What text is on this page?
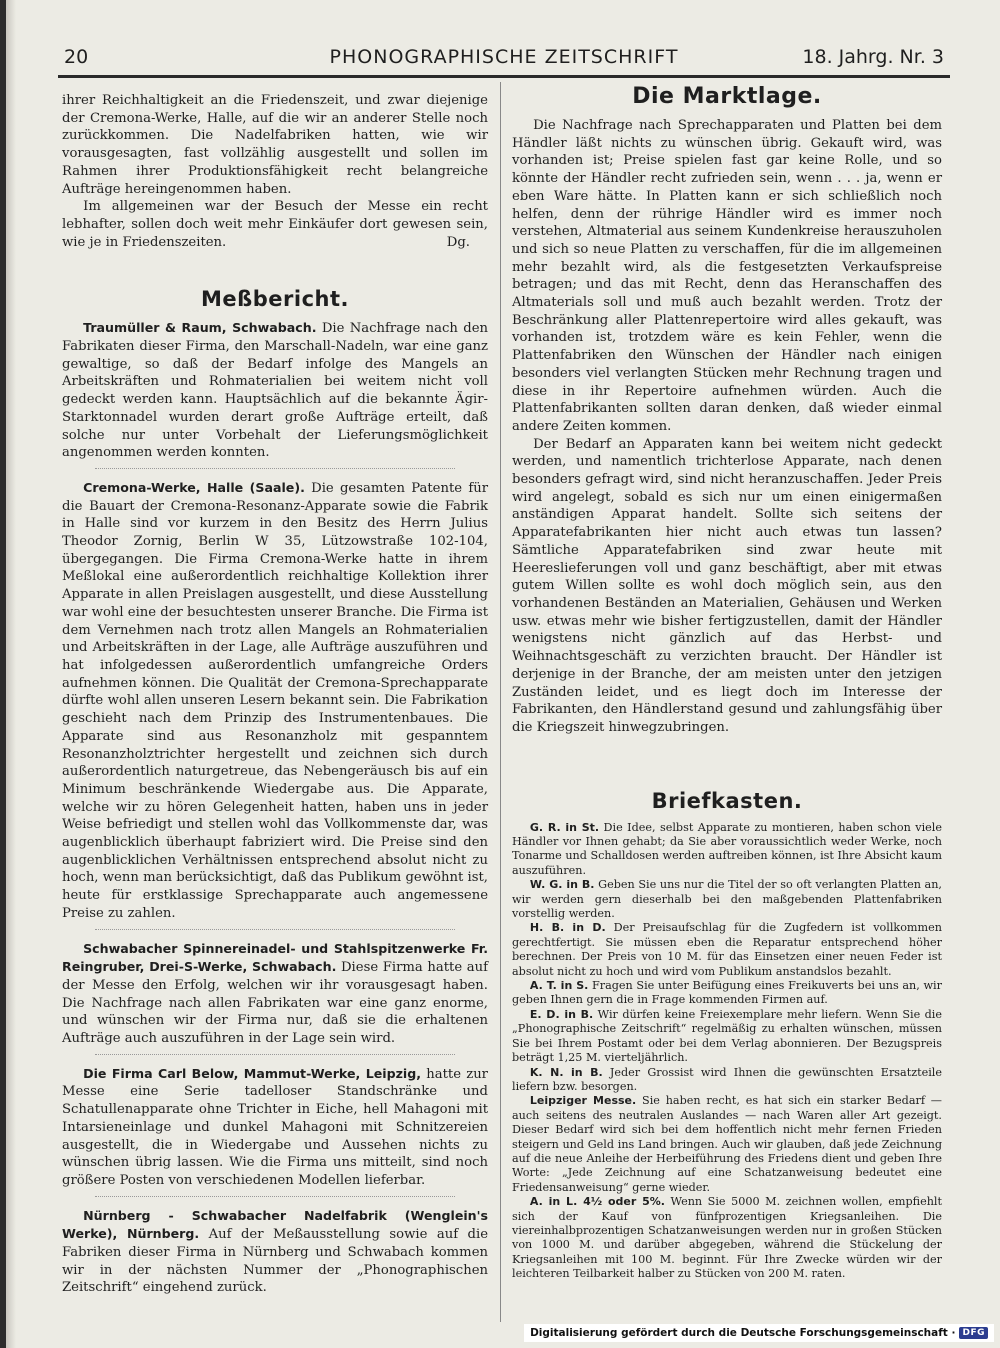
20	PHONOGRAPHISCHE ZEITSCHRIFT	18. Jahrg. Nr. 3

ihrer Reichhaltigkeit an die Friedenszeit, und zwar diejenige der Cremona-Werke, Halle, auf die wir an anderer Stelle noch zurückkommen. Die Nadelfabriken hatten, wie wir vorausgesagten, fast vollzählig ausgestellt und sollen im Rahmen ihrer Produktionsfähigkeit recht belangreiche Aufträge hereingenommen haben.

Im allgemeinen war der Besuch der Messe ein recht lebhafter, sollen doch weit mehr Einkäufer dort gewesen sein, wie je in Friedenszeiten.	Dg.

Meßbericht.

Traumüller & Raum, Schwabach. Die Nachfrage nach den Fabrikaten dieser Firma, den Marschall-Nadeln, war eine ganz gewaltige, so daß der Bedarf infolge des Mangels an Arbeitskräften und Rohmaterialien bei weitem nicht voll gedeckt werden kann. Hauptsächlich auf die bekannte Ägir-Starktonnadel wurden derart große Aufträge erteilt, daß solche nur unter Vorbehalt der Lieferungsmöglichkeit angenommen werden konnten.

Cremona-Werke, Halle (Saale). Die gesamten Patente für die Bauart der Cremona-Resonanz-Apparate sowie die Fabrik in Halle sind vor kurzem in den Besitz des Herrn Julius Theodor Zornig, Berlin W 35, Lützowstraße 102-104, übergegangen. Die Firma Cremona-Werke hatte in ihrem Meßlokal eine außerordentlich reichhaltige Kollektion ihrer Apparate in allen Preislagen ausgestellt, und diese Ausstellung war wohl eine der besuchtesten unserer Branche. Die Firma ist dem Vernehmen nach trotz allen Mangels an Rohmaterialien und Arbeitskräften in der Lage, alle Aufträge auszuführen und hat infolgedessen außerordentlich umfangreiche Orders aufnehmen können. Die Qualität der Cremona-Sprechapparate dürfte wohl allen unseren Lesern bekannt sein. Die Fabrikation geschieht nach dem Prinzip des Instrumentenbaues. Die Apparate sind aus Resonanzholz mit gespanntem Resonanzholztrichter hergestellt und zeichnen sich durch außerordentlich naturgetreue, das Nebengeräusch bis auf ein Minimum beschränkende Wiedergabe aus. Die Apparate, welche wir zu hören Gelegenheit hatten, haben uns in jeder Weise befriedigt und stellen wohl das Vollkommenste dar, was augenblicklich überhaupt fabriziert wird. Die Preise sind den augenblicklichen Verhältnissen entsprechend absolut nicht zu hoch, wenn man berücksichtigt, daß das Publikum gewöhnt ist, heute für erstklassige Sprechapparate auch angemessene Preise zu zahlen.

Schwabacher Spinnereinadel- und Stahlspitzenwerke Fr. Reingruber, Drei-S-Werke, Schwabach. Diese Firma hatte auf der Messe den Erfolg, welchen wir ihr vorausgesagt haben. Die Nachfrage nach allen Fabrikaten war eine ganz enorme, und wünschen wir der Firma nur, daß sie die erhaltenen Aufträge auch auszuführen in der Lage sein wird.

Die Firma Carl Below, Mammut-Werke, Leipzig, hatte zur Messe eine Serie tadelloser Standschränke und Schatullenapparate ohne Trichter in Eiche, hell Mahagoni mit Intarsieneinlage und dunkel Mahagoni mit Schnitzereien ausgestellt, die in Wiedergabe und Aussehen nichts zu wünschen übrig lassen. Wie die Firma uns mitteilt, sind noch größere Posten von verschiedenen Modellen lieferbar.

Nürnberg - Schwabacher Nadelfabrik (Wenglein's Werke), Nürnberg. Auf der Meßausstellung sowie auf die Fabriken dieser Firma in Nürnberg und Schwabach kommen wir in der nächsten Nummer der „Phonographischen Zeitschrift“ eingehend zurück.

Die Marktlage.

Die Nachfrage nach Sprechapparaten und Platten bei dem Händler läßt nichts zu wünschen übrig. Gekauft wird, was vorhanden ist; Preise spielen fast gar keine Rolle, und so könnte der Händler recht zufrieden sein, wenn . . . ja, wenn er eben Ware hätte. In Platten kann er sich schließlich noch helfen, denn der rührige Händler wird es immer noch verstehen, Altmaterial aus seinem Kundenkreise herauszuholen und sich so neue Platten zu verschaffen, für die im allgemeinen mehr bezahlt wird, als die festgesetzten Verkaufspreise betragen; und das mit Recht, denn das Heranschaffen des Altmaterials soll und muß auch bezahlt werden. Trotz der Beschränkung aller Plattenrepertoire wird alles gekauft, was vorhanden ist, trotzdem wäre es kein Fehler, wenn die Plattenfabriken den Wünschen der Händler nach einigen besonders viel verlangten Stücken mehr Rechnung tragen und diese in ihr Repertoire aufnehmen würden. Auch die Plattenfabrikanten sollten daran denken, daß wieder einmal andere Zeiten kommen.

Der Bedarf an Apparaten kann bei weitem nicht gedeckt werden, und namentlich trichterlose Apparate, nach denen besonders gefragt wird, sind nicht heranzuschaffen. Jeder Preis wird angelegt, sobald es sich nur um einen einigermaßen anständigen Apparat handelt. Sollte sich seitens der Apparatefabrikanten hier nicht auch etwas tun lassen? Sämtliche Apparatefabriken sind zwar heute mit Heereslieferungen voll und ganz beschäftigt, aber mit etwas gutem Willen sollte es wohl doch möglich sein, aus den vorhandenen Beständen an Materialien, Gehäusen und Werken usw. etwas mehr wie bisher fertigzustellen, damit der Händler wenigstens nicht gänzlich auf das Herbst- und Weihnachtsgeschäft zu verzichten braucht. Der Händler ist derjenige in der Branche, der am meisten unter den jetzigen Zuständen leidet, und es liegt doch im Interesse der Fabrikanten, den Händlerstand gesund und zahlungsfähig über die Kriegszeit hinwegzubringen.

Briefkasten.

G. R. in St. Die Idee, selbst Apparate zu montieren, haben schon viele Händler vor Ihnen gehabt; da Sie aber voraussichtlich weder Werke, noch Tonarme und Schalldosen werden auftreiben können, ist Ihre Absicht kaum auszuführen.

W. G. in B. Geben Sie uns nur die Titel der so oft verlangten Platten an, wir werden gern dieserhalb bei den maßgebenden Plattenfabriken vorstellig werden.

H. B. in D. Der Preisaufschlag für die Zugfedern ist vollkommen gerechtfertigt. Sie müssen eben die Reparatur entsprechend höher berechnen. Der Preis von 10 M. für das Einsetzen einer neuen Feder ist absolut nicht zu hoch und wird vom Publikum anstandslos bezahlt.

A. T. in S. Fragen Sie unter Beifügung eines Freikuverts bei uns an, wir geben Ihnen gern die in Frage kommenden Firmen auf.

E. D. in B. Wir dürfen keine Freiexemplare mehr liefern. Wenn Sie die „Phonographische Zeitschrift“ regelmäßig zu erhalten wünschen, müssen Sie bei Ihrem Postamt oder bei dem Verlag abonnieren. Der Bezugspreis beträgt 1,25 M. vierteljährlich.

K. N. in B. Jeder Grossist wird Ihnen die gewünschten Ersatzteile liefern bzw. besorgen.

Leipziger Messe. Sie haben recht, es hat sich ein starker Bedarf — auch seitens des neutralen Auslandes — nach Waren aller Art gezeigt. Dieser Bedarf wird sich bei dem hoffentlich nicht mehr fernen Frieden steigern und Geld ins Land bringen. Auch wir glauben, daß jede Zeichnung auf die neue Anleihe der Herbeiführung des Friedens dient und geben Ihre Worte: „Jede Zeichnung auf eine Schatzanweisung bedeutet eine Friedensanweisung“ gerne wieder.

A. in L. 4½ oder 5%. Wenn Sie 5000 M. zeichnen wollen, empfiehlt sich der Kauf von fünfprozentigen Kriegsanleihen. Die viereinhalbprozentigen Schatzanweisungen werden nur in großen Stücken von 1000 M. und darüber abgegeben, während die Stückelung der Kriegsanleihen mit 100 M. beginnt. Für Ihre Zwecke würden wir der leichteren Teilbarkeit halber zu Stücken von 200 M. raten.

Digitalisierung gefördert durch die Deutsche Forschungsgemeinschaft · DFG
